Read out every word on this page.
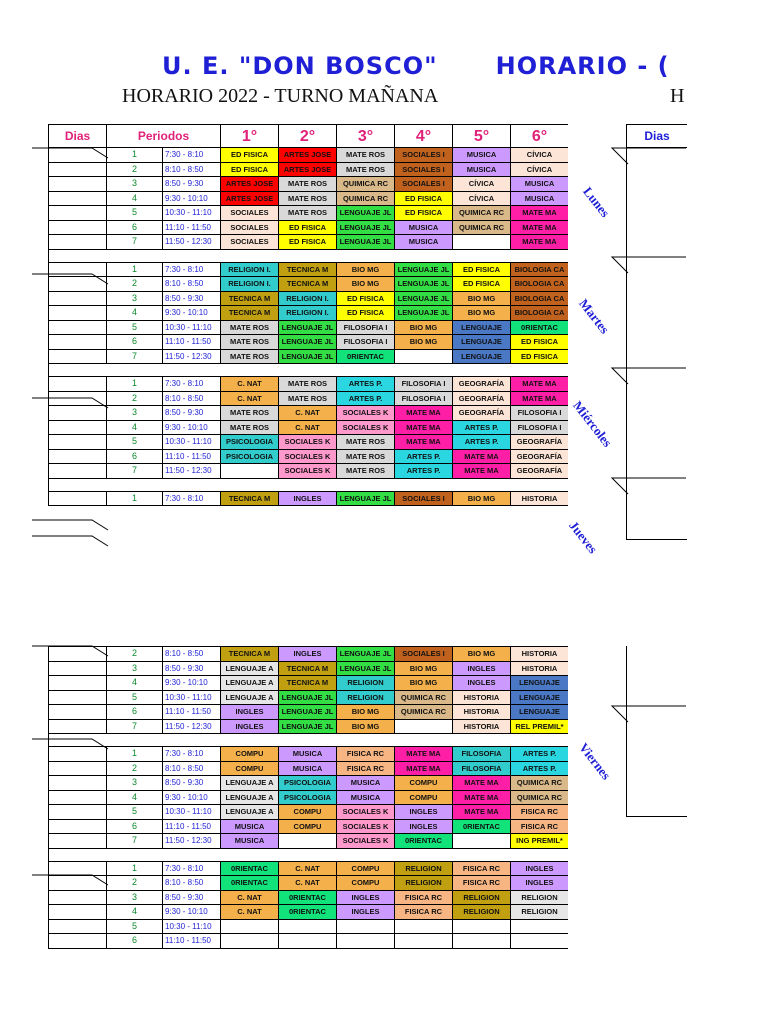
U. E. "DON BOSCO" HORARIO - (
HORARIO 2022 - TURNO MAÑANA	H
Dias	Periodos		1°	2°	3°	4°	5°	6°
	1	7:30 - 8:10	ED FISICA	ARTES JOSE	MATE ROS	SOCIALES I	MUSICA	CÍVICA
	2	8:10 - 8:50	ED FISICA	ARTES JOSE	MATE ROS	SOCIALES I	MUSICA	CÍVICA
	3	8:50 - 9:30	ARTES JOSE	MATE ROS	QUIMICA RC	SOCIALES I	CÍVICA	MUSICA
	4	9:30 - 10:10	ARTES JOSE	MATE ROS	QUIMICA RC	ED FISICA	CÍVICA	MUSICA
	5	10:30 - 11:10	SOCIALES	MATE ROS	LENGUAJE JL	ED FISICA	QUIMICA RC	MATE MA
	6	11:10 - 11:50	SOCIALES	ED FISICA	LENGUAJE JL	MUSICA	QUIMICA RC	MATE MA
	7	11:50 - 12:30	SOCIALES	ED FISICA	LENGUAJE JL	MUSICA		MATE MA

	1	7:30 - 8:10	RELIGION I.	TECNICA M	BIO MG	LENGUAJE JL	ED FISICA	BIOLOGIA CA
	2	8:10 - 8:50	RELIGION I.	TECNICA M	BIO MG	LENGUAJE JL	ED FISICA	BIOLOGIA CA
	3	8:50 - 9:30	TECNICA M	RELIGION I.	ED FISICA	LENGUAJE JL	BIO MG	BIOLOGIA CA
	4	9:30 - 10:10	TECNICA M	RELIGION I.	ED FISICA	LENGUAJE JL	BIO MG	BIOLOGIA CA
	5	10:30 - 11:10	MATE ROS	LENGUAJE JL	FILOSOFIA I	BIO MG	LENGUAJE	0RIENTAC
	6	11:10 - 11:50	MATE ROS	LENGUAJE JL	FILOSOFIA I	BIO MG	LENGUAJE	ED FISICA
	7	11:50 - 12:30	MATE ROS	LENGUAJE JL	0RIENTAC		LENGUAJE	ED FISICA

	1	7:30 - 8:10	C. NAT	MATE ROS	ARTES P.	FILOSOFIA I	GEOGRAFÍA	MATE MA
	2	8:10 - 8:50	C. NAT	MATE ROS	ARTES P.	FILOSOFIA I	GEOGRAFÍA	MATE MA
	3	8:50 - 9:30	MATE ROS	C. NAT	SOCIALES K	MATE MA	GEOGRAFÍA	FILOSOFIA I
	4	9:30 - 10:10	MATE ROS	C. NAT	SOCIALES K	MATE MA	ARTES P.	FILOSOFIA I
	5	10:30 - 11:10	PSICOLOGIA	SOCIALES K	MATE ROS	MATE MA	ARTES P.	GEOGRAFÍA
	6	11:10 - 11:50	PSICOLOGIA	SOCIALES K	MATE ROS	ARTES P.	MATE MA	GEOGRAFÍA
	7	11:50 - 12:30		SOCIALES K	MATE ROS	ARTES P.	MATE MA	GEOGRAFÍA

	1	7:30 - 8:10	TECNICA M	INGLES	LENGUAJE JL	SOCIALES I	BIO MG	HISTORIA
	2	8:10 - 8:50	TECNICA M	INGLES	LENGUAJE JL	SOCIALES I	BIO MG	HISTORIA
	3	8:50 - 9:30	LENGUAJE A	TECNICA M	LENGUAJE JL	BIO MG	INGLES	HISTORIA
	4	9:30 - 10:10	LENGUAJE A	TECNICA M	RELIGION	BIO MG	INGLES	LENGUAJE
	5	10:30 - 11:10	LENGUAJE A	LENGUAJE JL	RELIGION	QUIMICA RC	HISTORIA	LENGUAJE
	6	11:10 - 11:50	INGLES	LENGUAJE JL	BIO MG	QUIMICA RC	HISTORIA	LENGUAJE
	7	11:50 - 12:30	INGLES	LENGUAJE JL	BIO MG		HISTORIA	REL PREMIL*

	1	7:30 - 8:10	COMPU	MUSICA	FISICA RC	MATE MA	FILOSOFIA	ARTES P.
	2	8:10 - 8:50	COMPU	MUSICA	FISICA RC	MATE MA	FILOSOFIA	ARTES P.
	3	8:50 - 9:30	LENGUAJE A	PSICOLOGIA	MUSICA	COMPU	MATE MA	QUIMICA RC
	4	9:30 - 10:10	LENGUAJE A	PSICOLOGIA	MUSICA	COMPU	MATE MA	QUIMICA RC
	5	10:30 - 11:10	LENGUAJE A	COMPU	SOCIALES K	INGLES	MATE MA	FISICA RC
	6	11:10 - 11:50	MUSICA	COMPU	SOCIALES K	INGLES	0RIENTAC	FISICA RC
	7	11:50 - 12:30	MUSICA		SOCIALES K	0RIENTAC		ING PREMIL*

	1	7:30 - 8:10	0RIENTAC	C. NAT	COMPU	RELIGION	FISICA RC	INGLES
	2	8:10 - 8:50	0RIENTAC	C. NAT	COMPU	RELIGION	FISICA RC	INGLES
	3	8:50 - 9:30	C. NAT	0RIENTAC	INGLES	FISICA RC	RELIGION	RELIGION
	4	9:30 - 10:10	C. NAT	0RIENTAC	INGLES	FISICA RC	RELIGION	RELIGION
	5	10:30 - 11:10						
	6	11:10 - 11:50						
Dias
Lunes
Martes
Miércoles
Jueves
Viernes
